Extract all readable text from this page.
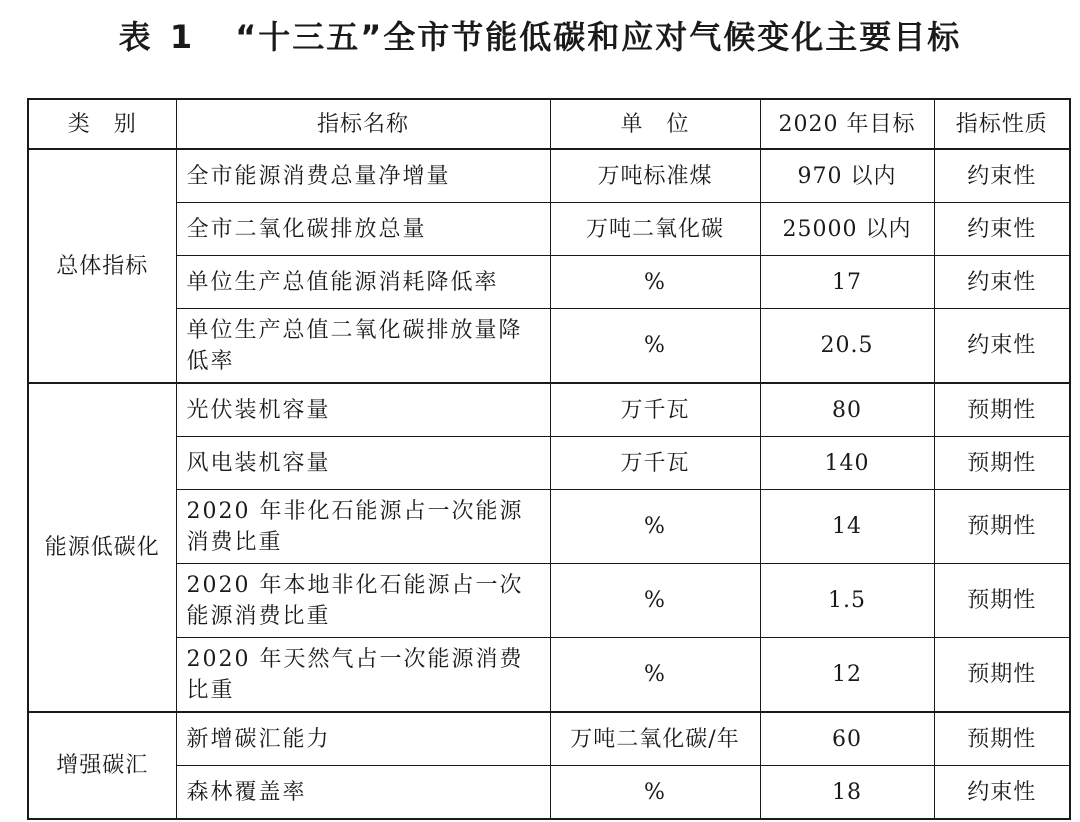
表 1 “十三五”全市节能低碳和应对气候变化主要目标
类　别	指标名称	单　位	2020 年目标	指标性质
总体指标	全市能源消费总量净增量	万吨标准煤	970 以内	约束性
	全市二氧化碳排放总量	万吨二氧化碳	25000 以内	约束性
	单位生产总值能源消耗降低率	%	17	约束性
	单位生产总值二氧化碳排放量降低率	%	20.5	约束性
能源低碳化	光伏装机容量	万千瓦	80	预期性
	风电装机容量	万千瓦	140	预期性
	2020 年非化石能源占一次能源消费比重	%	14	预期性
	2020 年本地非化石能源占一次能源消费比重	%	1.5	预期性
	2020 年天然气占一次能源消费比重	%	12	预期性
增强碳汇	新增碳汇能力	万吨二氧化碳/年	60	预期性
	森林覆盖率	%	18	约束性
